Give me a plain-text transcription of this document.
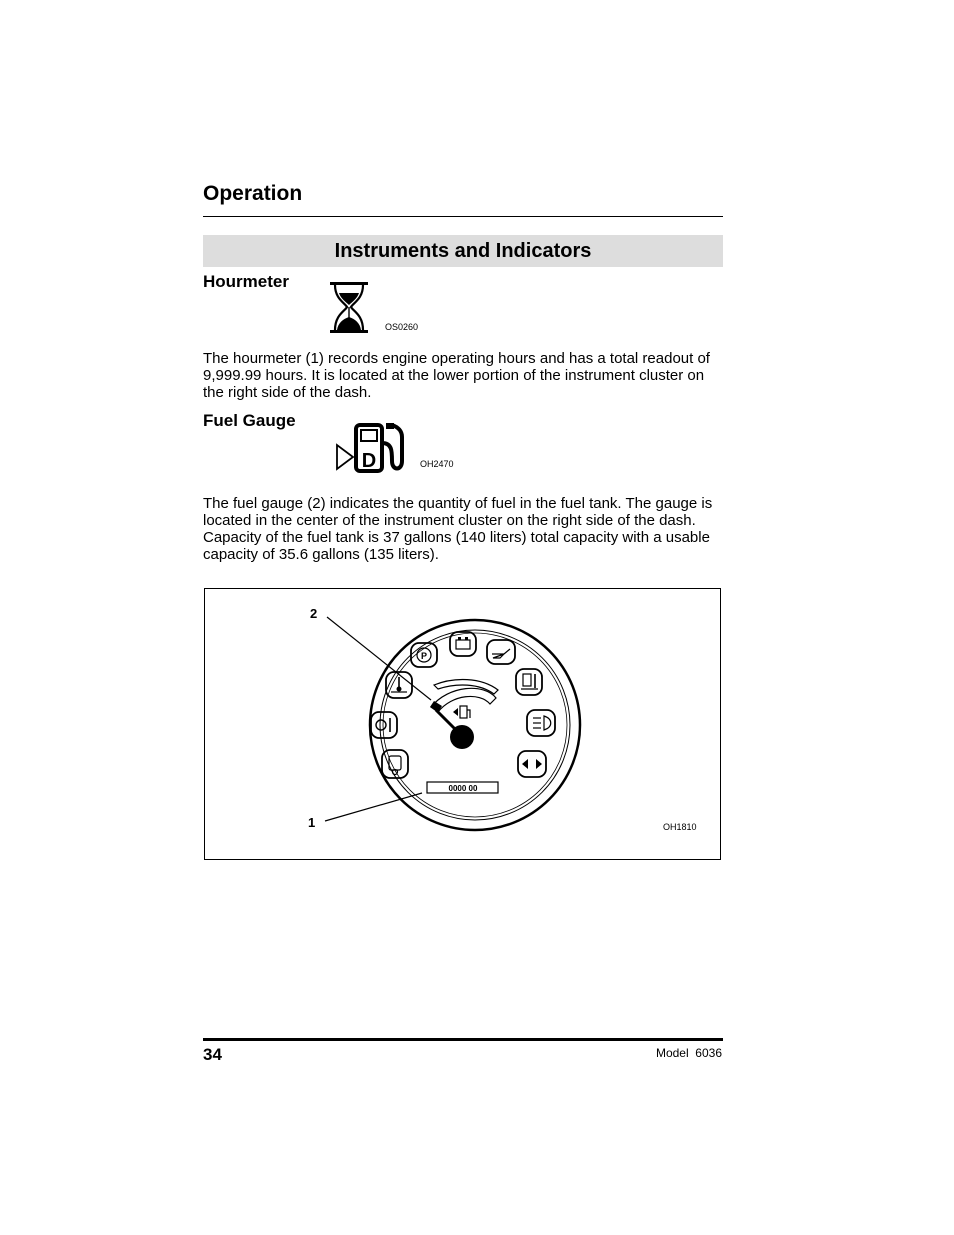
Operation
Instruments and Indicators
Hourmeter
OS0260
The hourmeter (1) records engine operating hours and has a total readout of 9,999.99 hours. It is located at the lower portion of the instrument cluster on the right side of the dash.
Fuel Gauge
D	OH2470
The fuel gauge (2) indicates the quantity of fuel in the fuel tank. The gauge is located in the center of the instrument cluster on the right side of the dash. Capacity of the fuel tank is 37 gallons (140 liters) total capacity with a usable capacity of 35.6 gallons (135 liters).
P
0000 00
2
1	OH1810
34	Model  6036
